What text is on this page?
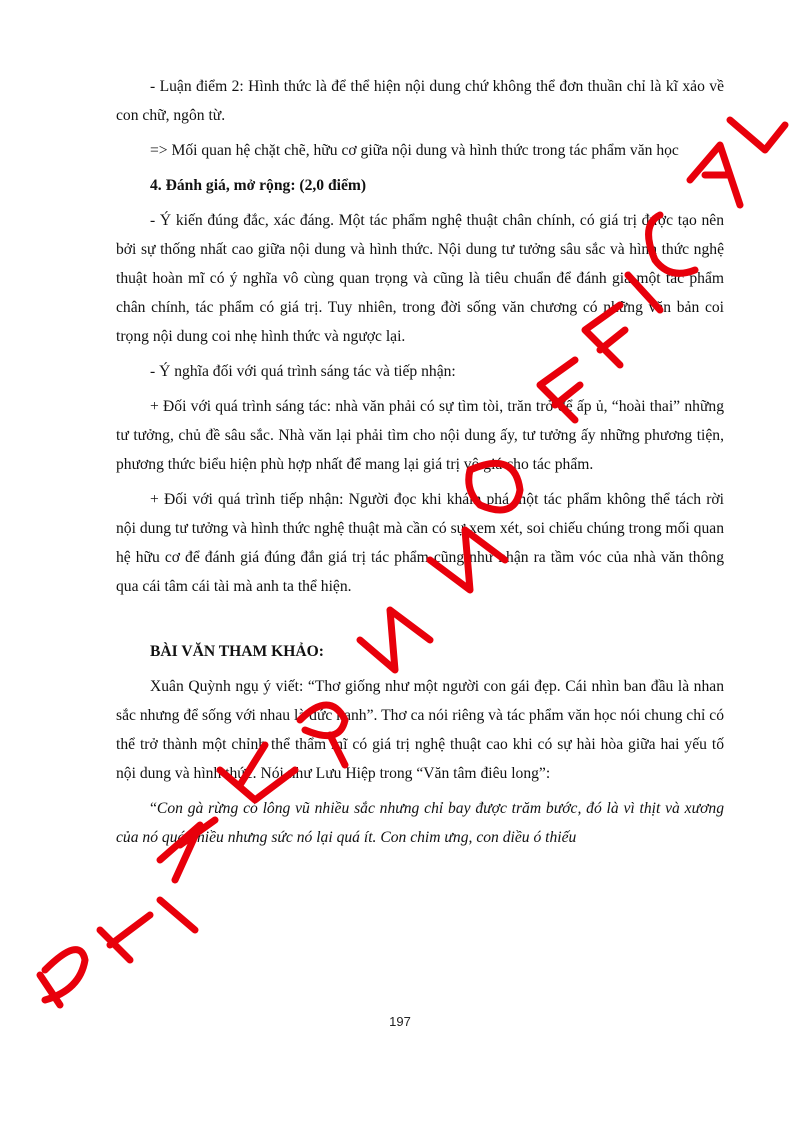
- Luận điểm 2: Hình thức là để thể hiện nội dung chứ không thể đơn thuần chỉ là kĩ xảo về con chữ, ngôn từ.

=> Mối quan hệ chặt chẽ, hữu cơ giữa nội dung và hình thức trong tác phẩm văn học

4. Đánh giá, mở rộng: (2,0 điểm)

- Ý kiến đúng đắc, xác đáng. Một tác phẩm nghệ thuật chân chính, có giá trị được tạo nên bởi sự thống nhất cao giữa nội dung và hình thức. Nội dung tư tưởng sâu sắc và hình thức nghệ thuật hoàn mĩ có ý nghĩa vô cùng quan trọng và cũng là tiêu chuẩn để đánh giá một tác phẩm chân chính, tác phẩm có giá trị. Tuy nhiên, trong đời sống văn chương có những văn bản coi trọng nội dung coi nhẹ hình thức và ngược lại.

- Ý nghĩa đối với quá trình sáng tác và tiếp nhận:

+ Đối với quá trình sáng tác: nhà văn phải có sự tìm tòi, trăn trở để ấp ủ, “hoài thai” những tư tưởng, chủ đề sâu sắc. Nhà văn lại phải tìm cho nội dung ấy, tư tưởng ấy những phương tiện, phương thức biểu hiện phù hợp nhất để mang lại giá trị vô giá cho tác phẩm.

+ Đối với quá trình tiếp nhận: Người đọc khi khám phá một tác phẩm không thể tách rời nội dung tư tưởng và hình thức nghệ thuật mà cần có sự xem xét, soi chiếu chúng trong mối quan hệ hữu cơ để đánh giá đúng đắn giá trị tác phẩm cũng như nhận ra tầm vóc của nhà văn thông qua cái tâm cái tài mà anh ta thể hiện.

BÀI VĂN THAM KHẢO:

Xuân Quỳnh ngụ ý viết: “Thơ giống như một người con gái đẹp. Cái nhìn ban đầu là nhan sắc nhưng để sống với nhau là đức hạnh”. Thơ ca nói riêng và tác phẩm văn học nói chung chỉ có thể trở thành một chỉnh thể thẩm mĩ có giá trị nghệ thuật cao khi có sự hài hòa giữa hai yếu tố nội dung và hình thức. Nói như Lưu Hiệp trong “Văn tâm điêu long”:

“Con gà rừng có lông vũ nhiều sắc nhưng chỉ bay được trăm bước, đó là vì thịt và xương của nó quá nhiều nhưng sức nó lại quá ít. Con chim ưng, con diều ó thiếu

197
